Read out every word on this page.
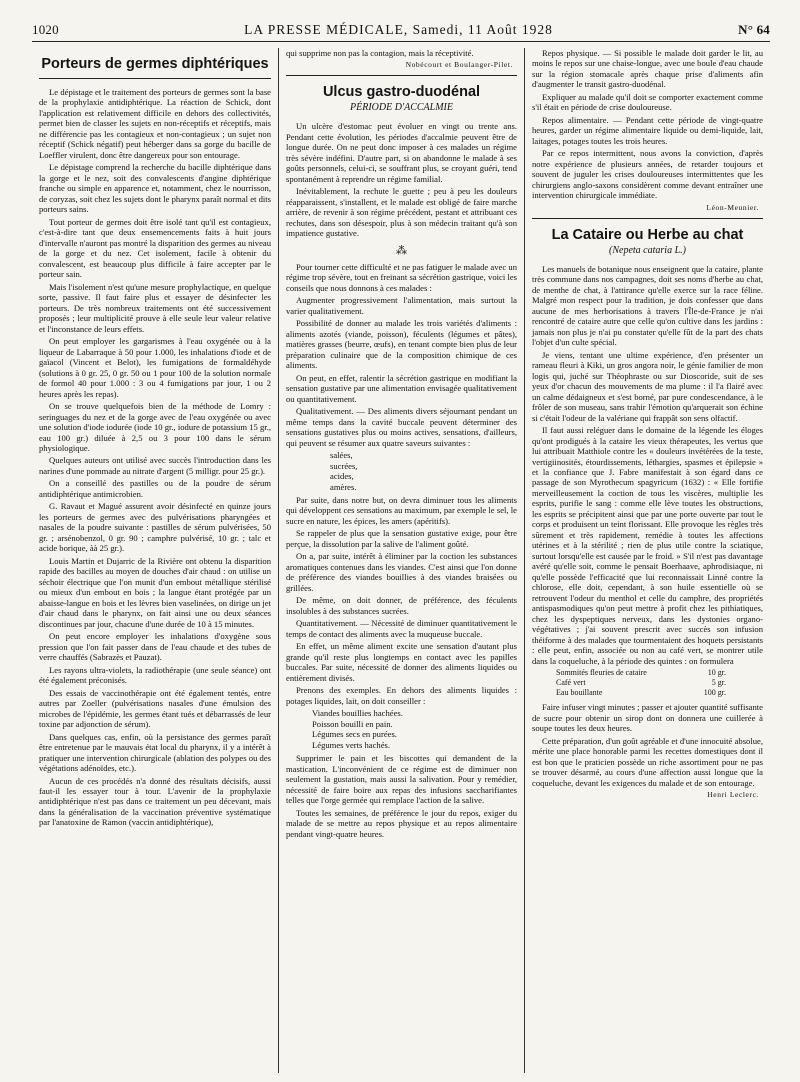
1020	LA PRESSE MÉDICALE, Samedi, 11 Août 1928	N° 64
Porteurs de germes diphtériques

Le dépistage et le traitement des porteurs de germes sont la base de la prophylaxie antidiphtérique. La réaction de Schick, dont l'application est relativement difficile en dehors des collectivités, permet bien de classer les sujets en non-réceptifs et réceptifs, mais ne différencie pas les contagieux et non-contagieux ; un sujet non réceptif (Schick négatif) peut héberger dans sa gorge du bacille de Loeffler virulent, donc être dangereux pour son entourage.

Le dépistage comprend la recherche du bacille diphtérique dans la gorge et le nez, soit des convalescents d'angine diphtérique franche ou simple en apparence et, notamment, chez le nourrisson, de coryzas, soit chez les sujets dont le pharynx paraît normal et dits porteurs sains.

Tout porteur de germes doit être isolé tant qu'il est contagieux, c'est-à-dire tant que deux ensemencements faits à huit jours d'intervalle n'auront pas montré la disparition des germes au niveau de la gorge et du nez. Cet isolement, facile à obtenir du convalescent, est beaucoup plus difficile à faire accepter par le porteur sain.

Mais l'isolement n'est qu'une mesure prophylactique, en quelque sorte, passive. Il faut faire plus et essayer de désinfecter les porteurs. De très nombreux traitements ont été successivement proposés ; leur multiplicité prouve à elle seule leur valeur relative et l'inconstance de leurs effets.

On peut employer les gargarismes à l'eau oxygénée ou à la liqueur de Labarraque à 50 pour 1.000, les inhalations d'iode et de gaïacol (Vincent et Belot), les fumigations de formaldéhyde (solutions à 0 gr. 25, 0 gr. 50 ou 1 pour 100 de la solution normale de formol 40 pour 1.000 : 3 ou 4 fumigations par jour, 1 ou 2 heures après les repas).

On se trouve quelquefois bien de la méthode de Lomry : seringuages du nez et de la gorge avec de l'eau oxygénée ou avec une solution d'iode iodurée (iode 10 gr., iodure de potassium 15 gr., eau 100 gr.) diluée à 2,5 ou 3 pour 100 dans le sérum physiologique.

Quelques auteurs ont utilisé avec succès l'introduction dans les narines d'une pommade au nitrate d'argent (5 milligr. pour 25 gr.).

On a conseillé des pastilles ou de la poudre de sérum antidiphtérique antimicrobien.

G. Ravaut et Magué assurent avoir désinfecté en quinze jours les porteurs de germes avec des pulvérisations pharyngées et nasales de la poudre suivante : pastilles de sérum pulvérisées, 50 gr. ; arsénobenzol, 0 gr. 90 ; camphre pulvérisé, 10 gr. ; talc et acide borique, àà 25 gr.).

Louis Martin et Dujarric de la Rivière ont obtenu la disparition rapide des bacilles au moyen de douches d'air chaud : on utilise un séchoir électrique que l'on munit d'un embout métallique stérilisé ou mieux d'un embout en bois ; la langue étant protégée par un abaisse-langue en bois et les lèvres bien vaselinées, on dirige un jet d'air chaud dans le pharynx, on fait ainsi une ou deux séances discontinues par jour, chacune d'une durée de 10 à 15 minutes.

On peut encore employer les inhalations d'oxygène sous pression que l'on fait passer dans de l'eau chaude et des tubes de verre chauffés (Sabrazès et Pauzat).

Les rayons ultra-violets, la radiothérapie (une seule séance) ont été également préconisés.

Des essais de vaccinothérapie ont été également tentés, entre autres par Zoeller (pulvérisations nasales d'une émulsion des microbes de l'épidémie, les germes étant tués et débarrassés de leur toxine par adjonction de sérum).

Dans quelques cas, enfin, où la persistance des germes paraît être entretenue par le mauvais état local du pharynx, il y a intérêt à pratiquer une intervention chirurgicale (ablation des polypes ou des végétations adénoïdes, etc.).

Aucun de ces procédés n'a donné des résultats décisifs, aussi faut-il les essayer tour à tour. L'avenir de la prophylaxie antidiphtérique n'est pas dans ce traitement un peu décevant, mais dans la généralisation de la vaccination préventive systématique par l'anatoxine de Ramon (vaccin antidiphtérique),

qui supprime non pas la contagion, mais la réceptivité.

Nobécourt et Boulanger-Pilet.
Ulcus gastro-duodénal
PÉRIODE D'ACCALMIE

Un ulcère d'estomac peut évoluer en vingt ou trente ans. Pendant cette évolution, les périodes d'accalmie peuvent être de longue durée. On ne peut donc imposer à ces malades un régime très sévère indéfini. D'autre part, si on abandonne le malade à ses goûts personnels, celui-ci, se souffrant plus, se croyant guéri, tend spontanément à reprendre un régime familial.

Inévitablement, la rechute le guette ; peu à peu les douleurs réapparaissent, s'installent, et le malade est obligé de faire marche arrière, de revenir à son régime précédent, pestant et attribuant ces rechutes, dans son désespoir, plus à son médecin traitant qu'à son impatience gustative.

⁂

Pour tourner cette difficulté et ne pas fatiguer le malade avec un régime trop sévère, tout en freinant sa sécrétion gastrique, voici les conseils que nous donnons à ces malades :

Augmenter progressivement l'alimentation, mais surtout la varier qualitativement.

Possibilité de donner au malade les trois variétés d'aliments : aliments azotés (viande, poisson), féculents (légumes et pâtes), matières grasses (beurre, œufs), en tenant compte bien plus de leur préparation culinaire que de la composition chimique de ces aliments.

On peut, en effet, ralentir la sécrétion gastrique en modifiant la sensation gustative par une alimentation envisagée qualitativement ou quantitativement.

Qualitativement. — Des aliments divers séjournant pendant un même temps dans la cavité buccale peuvent déterminer des sensations gustatives plus ou moins actives, sensations, d'ailleurs, qui peuvent se résumer aux quatre saveurs suivantes :

salées,
sucrées,
acides,
amères.

Par suite, dans notre but, on devra diminuer tous les aliments qui développent ces sensations au maximum, par exemple le sel, le sucre en nature, les épices, les amers (apéritifs).

Se rappeler de plus que la sensation gustative exige, pour être perçue, la dissolution par la salive de l'aliment goûté.

On a, par suite, intérêt à éliminer par la coction les substances aromatiques contenues dans les viandes. C'est ainsi que l'on donne de préférence des viandes bouillies à des viandes braisées ou grillées.

De même, on doit donner, de préférence, des féculents insolubles à des substances sucrées.

Quantitativement. — Nécessité de diminuer quantitativement le temps de contact des aliments avec la muqueuse buccale.

En effet, un même aliment excite une sensation d'autant plus grande qu'il reste plus longtemps en contact avec les papilles buccales. Par suite, nécessité de donner des aliments liquides ou entièrement divisés.

Prenons des exemples. En dehors des aliments liquides : potages liquides, lait, on doit conseiller :

Viandes bouillies hachées.
Poisson bouilli en pain.
Légumes secs en purées.
Légumes verts hachés.

Supprimer le pain et les biscottes qui demandent de la mastication. L'inconvénient de ce régime est de diminuer non seulement la gustation, mais aussi la salivation. Pour y remédier, nécessité de faire boire aux repas des infusions saccharifiantes telles que l'orge germée qui remplace l'action de la salive.

Toutes les semaines, de préférence le jour du repos, exiger du malade de se mettre au repos physique et au repos alimentaire pendant vingt-quatre heures.

Repos physique. — Si possible le malade doit garder le lit, au moins le repos sur une chaise-longue, avec une boule d'eau chaude sur la région stomacale après chaque prise d'aliments afin d'augmenter le transit gastro-duodénal.

Expliquer au malade qu'il doit se comporter exactement comme s'il était en période de crise douloureuse.

Repos alimentaire. — Pendant cette période de vingt-quatre heures, garder un régime alimentaire liquide ou demi-liquide, lait, laitages, potages toutes les trois heures.

Par ce repos intermittent, nous avons la conviction, d'après notre expérience de plusieurs années, de retarder toujours et souvent de juguler les crises douloureuses intermittentes que les chirurgiens anglo-saxons considèrent comme devant entraîner une intervention chirurgicale immédiate.

Léon-Meunier.
La Cataire ou Herbe au chat
(Nepeta cataria L.)

Les manuels de botanique nous enseignent que la cataire, plante très commune dans nos campagnes, doit ses noms d'herbe au chat, de menthe de chat, à l'attirance qu'elle exerce sur la race féline. Malgré mon respect pour la tradition, je dois confesser que dans aucune de mes herborisations à travers l'Île-de-France je n'ai rencontré de cataire autre que celle qu'on cultive dans les jardins : jamais non plus je n'ai pu constater qu'elle fût de la part des chats l'objet d'un culte spécial.

Je viens, tentant une ultime expérience, d'en présenter un rameau fleuri à Kiki, un gros angora noir, le génie familier de mon logis qui, juché sur Théophraste ou sur Dioscoride, suit de ses yeux d'or chacun des mouvements de ma plume : il l'a flairé avec un calme dédaigneux et s'est borné, par pure condescendance, à le frôler de son museau, sans trahir l'émotion qu'arquerait son échine si c'était l'odeur de la valériane qui frappât son sens olfactif.

Il faut aussi reléguer dans le domaine de la légende les éloges qu'ont prodigués à la cataire les vieux thérapeutes, les vertus que lui attribuait Matthiole contre les « douleurs invétérées de la teste, vertigiinosités, étourdissements, léthargies, spasmes et épilepsie » et la confiance que J. Fabre manifestait à son égard dans ce passage de son Myrothecum spagyricum (1632) : « Elle fortifie merveilleusement la coction de tous les viscères, multiplie les esprits, purifie le sang : comme elle lève toutes les obstructions, les esprits se précipitent ainsi que par une porte ouverte par tout le corps et produisent un teint florissant. Elle provoque les règles très sûrement et très rapidement, remédie à toutes les affections utérines et à la stérilité ; rien de plus utile contre la sciatique, surtout lorsqu'elle est causée par le froid. » S'il n'est pas davantage avéré qu'elle soit, comme le pensait Boerhaave, aphrodisiaque, ni qu'elle possède l'efficacité que lui reconnaissait Linné contre la chlorose, elle doit, cependant, à son huile essentielle où se retrouvent l'odeur du menthol et celle du camphre, des propriétés antispasmodiques qu'on peut mettre à profit chez les pithiatiques, chez les dyspeptiques nerveux, dans les dystonies organo-végétatives ; j'ai souvent prescrit avec succès son infusion théiforme à des malades que tourmentaient des hoquets persistants : elle peut, enfin, associée ou non au café vert, se montrer utile dans la coqueluche, à la période des quintes : on formulera

Sommités fleuries de cataire	10 gr.
Café vert	5 gr.
Eau bouillante	100 gr.

Faire infuser vingt minutes ; passer et ajouter quantité suffisante de sucre pour obtenir un sirop dont on donnera une cuillerée à soupe toutes les deux heures.

Cette préparation, d'un goût agréable et d'une innocuité absolue, mérite une place honorable parmi les recettes domestiques dont il est bon que le praticien possède un riche assortiment pour ne pas se trouver désarmé, au cours d'une affection aussi longue que la coqueluche, devant les exigences du malade et de son entourage.

Henri Leclerc.
